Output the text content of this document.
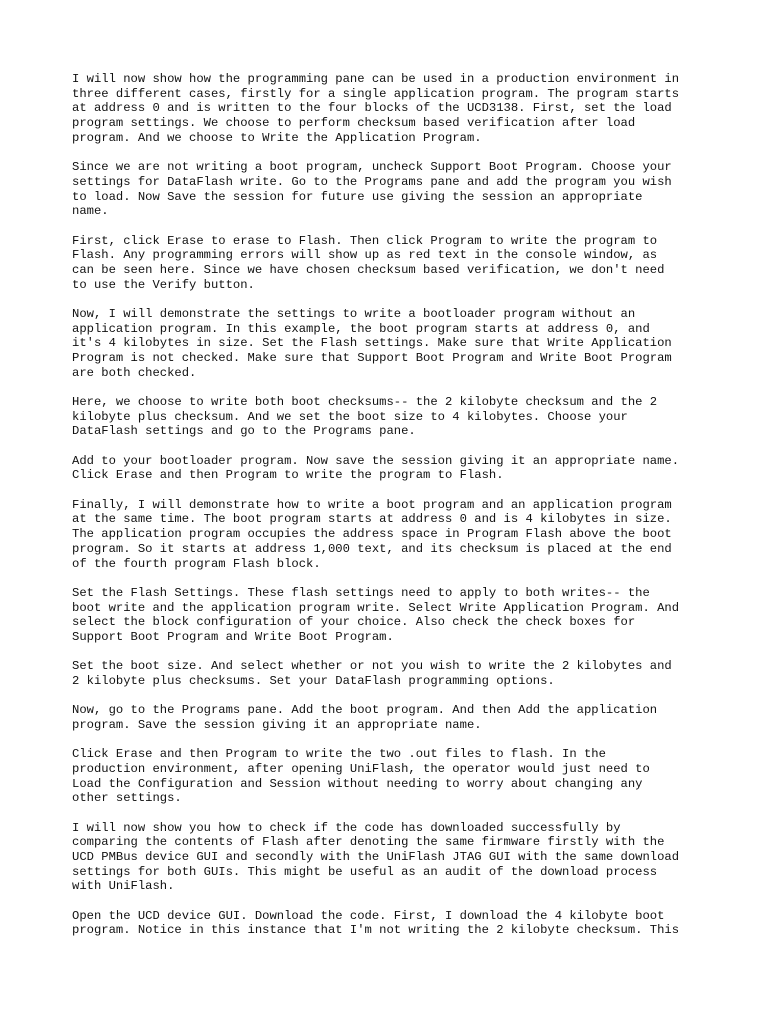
I will now show how the programming pane can be used in a production environment in
three different cases, firstly for a single application program. The program starts
at address 0 and is written to the four blocks of the UCD3138. First, set the load
program settings. We choose to perform checksum based verification after load
program. And we choose to Write the Application Program.

Since we are not writing a boot program, uncheck Support Boot Program. Choose your
settings for DataFlash write. Go to the Programs pane and add the program you wish
to load. Now Save the session for future use giving the session an appropriate
name.

First, click Erase to erase to Flash. Then click Program to write the program to
Flash. Any programming errors will show up as red text in the console window, as
can be seen here. Since we have chosen checksum based verification, we don't need
to use the Verify button.

Now, I will demonstrate the settings to write a bootloader program without an
application program. In this example, the boot program starts at address 0, and
it's 4 kilobytes in size. Set the Flash settings. Make sure that Write Application
Program is not checked. Make sure that Support Boot Program and Write Boot Program
are both checked.

Here, we choose to write both boot checksums-- the 2 kilobyte checksum and the 2
kilobyte plus checksum. And we set the boot size to 4 kilobytes. Choose your
DataFlash settings and go to the Programs pane.

Add to your bootloader program. Now save the session giving it an appropriate name.
Click Erase and then Program to write the program to Flash.

Finally, I will demonstrate how to write a boot program and an application program
at the same time. The boot program starts at address 0 and is 4 kilobytes in size.
The application program occupies the address space in Program Flash above the boot
program. So it starts at address 1,000 text, and its checksum is placed at the end
of the fourth program Flash block.

Set the Flash Settings. These flash settings need to apply to both writes-- the
boot write and the application program write. Select Write Application Program. And
select the block configuration of your choice. Also check the check boxes for
Support Boot Program and Write Boot Program.

Set the boot size. And select whether or not you wish to write the 2 kilobytes and
2 kilobyte plus checksums. Set your DataFlash programming options.

Now, go to the Programs pane. Add the boot program. And then Add the application
program. Save the session giving it an appropriate name.

Click Erase and then Program to write the two .out files to flash. In the
production environment, after opening UniFlash, the operator would just need to
Load the Configuration and Session without needing to worry about changing any
other settings.

I will now show you how to check if the code has downloaded successfully by
comparing the contents of Flash after denoting the same firmware firstly with the
UCD PMBus device GUI and secondly with the UniFlash JTAG GUI with the same download
settings for both GUIs. This might be useful as an audit of the download process
with UniFlash.

Open the UCD device GUI. Download the code. First, I download the 4 kilobyte boot
program. Notice in this instance that I'm not writing the 2 kilobyte checksum. This
